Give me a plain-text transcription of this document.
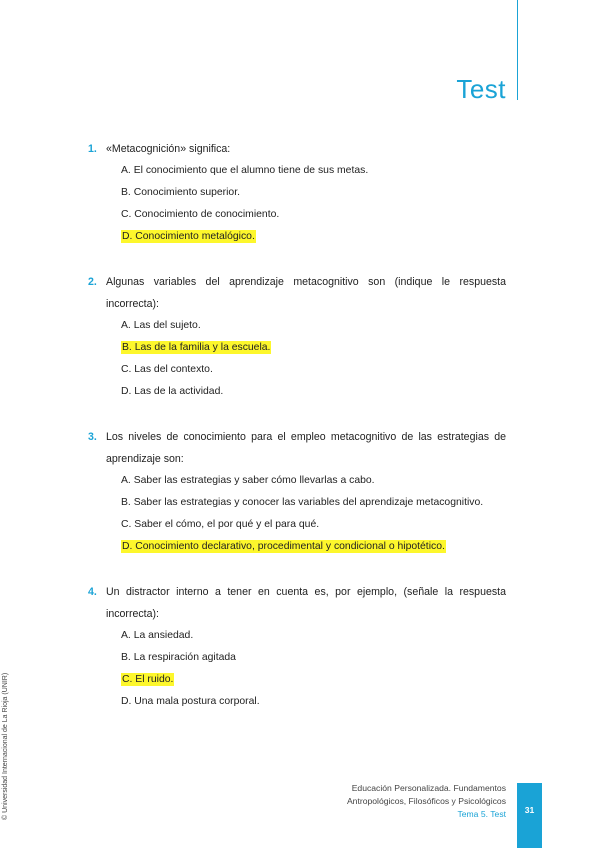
Test
1. «Metacognición» significa:
A. El conocimiento que el alumno tiene de sus metas.
B. Conocimiento superior.
C. Conocimiento de conocimiento.
D. Conocimiento metalógico.
2. Algunas variables del aprendizaje metacognitivo son (indique le respuesta incorrecta):
A. Las del sujeto.
B. Las de la familia y la escuela.
C. Las del contexto.
D. Las de la actividad.
3. Los niveles de conocimiento para el empleo metacognitivo de las estrategias de aprendizaje son:
A. Saber las estrategias y saber cómo llevarlas a cabo.
B. Saber las estrategias y conocer las variables del aprendizaje metacognitivo.
C. Saber el cómo, el por qué y el para qué.
D. Conocimiento declarativo, procedimental y condicional o hipotético.
4. Un distractor interno a tener en cuenta es, por ejemplo, (señale la respuesta incorrecta):
A. La ansiedad.
B. La respiración agitada
C. El ruido.
D. Una mala postura corporal.
© Universidad Internacional de La Rioja (UNIR)	Educación Personalizada. Fundamentos
Antropológicos, Filosóficos y Psicológicos
Tema 5. Test	31
